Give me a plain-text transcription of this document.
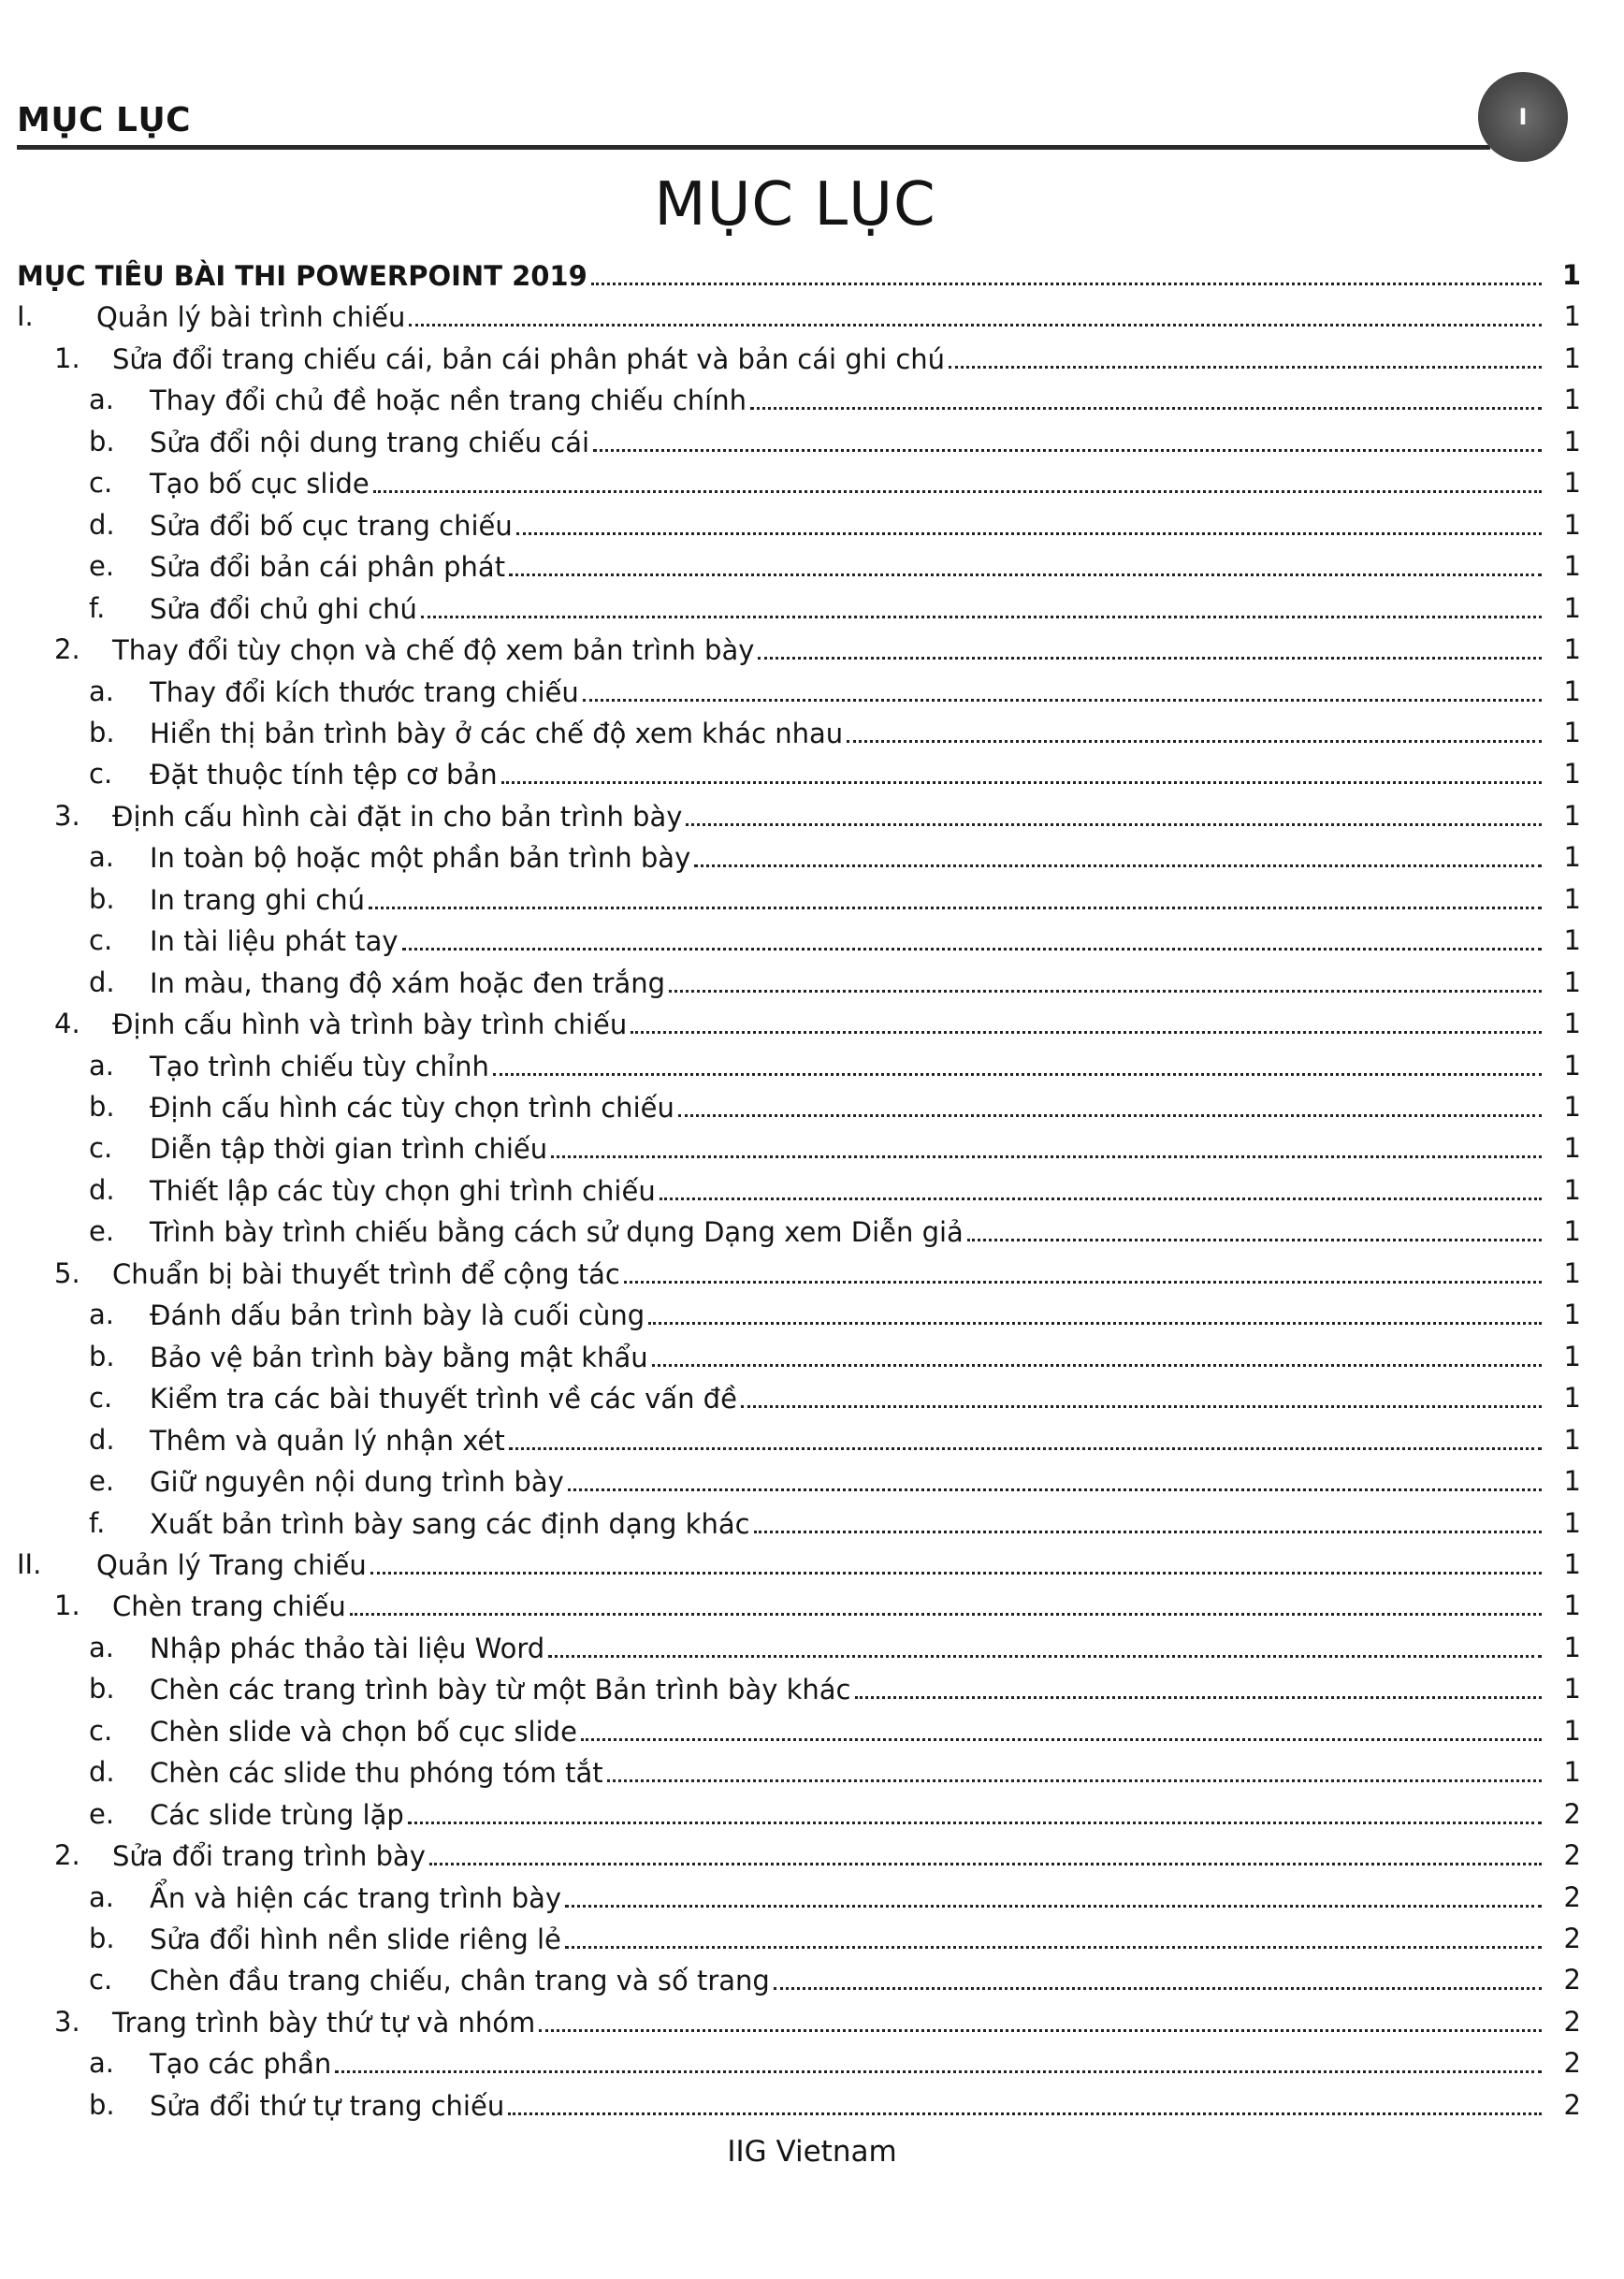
MỤC LỤC	I
MỤC LỤC
MỤC TIÊU BÀI THI POWERPOINT 2019	1
I. Quản lý bài trình chiếu	1
1. Sửa đổi trang chiếu cái, bản cái phân phát và bản cái ghi chú	1
a. Thay đổi chủ đề hoặc nền trang chiếu chính	1
b. Sửa đổi nội dung trang chiếu cái	1
c. Tạo bố cục slide	1
d. Sửa đổi bố cục trang chiếu	1
e. Sửa đổi bản cái phân phát	1
f. Sửa đổi chủ ghi chú	1
2. Thay đổi tùy chọn và chế độ xem bản trình bày	1
a. Thay đổi kích thước trang chiếu	1
b. Hiển thị bản trình bày ở các chế độ xem khác nhau	1
c. Đặt thuộc tính tệp cơ bản	1
3. Định cấu hình cài đặt in cho bản trình bày	1
a. In toàn bộ hoặc một phần bản trình bày	1
b. In trang ghi chú	1
c. In tài liệu phát tay	1
d. In màu, thang độ xám hoặc đen trắng	1
4. Định cấu hình và trình bày trình chiếu	1
a. Tạo trình chiếu tùy chỉnh	1
b. Định cấu hình các tùy chọn trình chiếu	1
c. Diễn tập thời gian trình chiếu	1
d. Thiết lập các tùy chọn ghi trình chiếu	1
e. Trình bày trình chiếu bằng cách sử dụng Dạng xem Diễn giả	1
5. Chuẩn bị bài thuyết trình để cộng tác	1
a. Đánh dấu bản trình bày là cuối cùng	1
b. Bảo vệ bản trình bày bằng mật khẩu	1
c. Kiểm tra các bài thuyết trình về các vấn đề	1
d. Thêm và quản lý nhận xét	1
e. Giữ nguyên nội dung trình bày	1
f. Xuất bản trình bày sang các định dạng khác	1
II. Quản lý Trang chiếu	1
1. Chèn trang chiếu	1
a. Nhập phác thảo tài liệu Word	1
b. Chèn các trang trình bày từ một Bản trình bày khác	1
c. Chèn slide và chọn bố cục slide	1
d. Chèn các slide thu phóng tóm tắt	1
e. Các slide trùng lặp	2
2. Sửa đổi trang trình bày	2
a. Ẩn và hiện các trang trình bày	2
b. Sửa đổi hình nền slide riêng lẻ	2
c. Chèn đầu trang chiếu, chân trang và số trang	2
3. Trang trình bày thứ tự và nhóm	2
a. Tạo các phần	2
b. Sửa đổi thứ tự trang chiếu	2
IIG Vietnam
